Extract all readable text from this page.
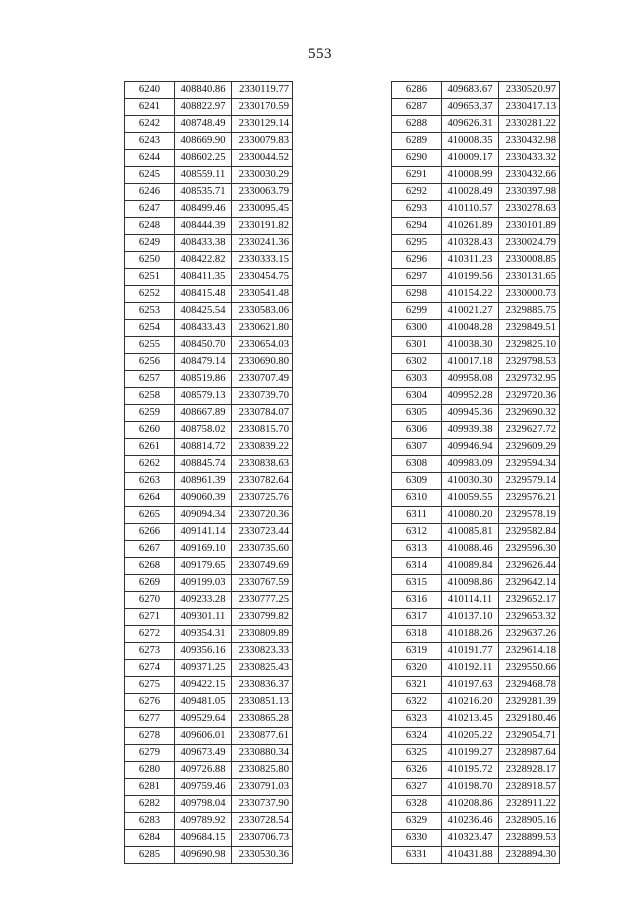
553
6240	408840.86	2330119.77
6241	408822.97	2330170.59
6242	408748.49	2330129.14
6243	408669.90	2330079.83
6244	408602.25	2330044.52
6245	408559.11	2330030.29
6246	408535.71	2330063.79
6247	408499.46	2330095.45
6248	408444.39	2330191.82
6249	408433.38	2330241.36
6250	408422.82	2330333.15
6251	408411.35	2330454.75
6252	408415.48	2330541.48
6253	408425.54	2330583.06
6254	408433.43	2330621.80
6255	408450.70	2330654.03
6256	408479.14	2330690.80
6257	408519.86	2330707.49
6258	408579.13	2330739.70
6259	408667.89	2330784.07
6260	408758.02	2330815.70
6261	408814.72	2330839.22
6262	408845.74	2330838.63
6263	408961.39	2330782.64
6264	409060.39	2330725.76
6265	409094.34	2330720.36
6266	409141.14	2330723.44
6267	409169.10	2330735.60
6268	409179.65	2330749.69
6269	409199.03	2330767.59
6270	409233.28	2330777.25
6271	409301.11	2330799.82
6272	409354.31	2330809.89
6273	409356.16	2330823.33
6274	409371.25	2330825.43
6275	409422.15	2330836.37
6276	409481.05	2330851.13
6277	409529.64	2330865.28
6278	409606.01	2330877.61
6279	409673.49	2330880.34
6280	409726.88	2330825.80
6281	409759.46	2330791.03
6282	409798.04	2330737.90
6283	409789.92	2330728.54
6284	409684.15	2330706.73
6285	409690.98	2330530.36
6286	409683.67	2330520.97
6287	409653.37	2330417.13
6288	409626.31	2330281.22
6289	410008.35	2330432.98
6290	410009.17	2330433.32
6291	410008.99	2330432.66
6292	410028.49	2330397.98
6293	410110.57	2330278.63
6294	410261.89	2330101.89
6295	410328.43	2330024.79
6296	410311.23	2330008.85
6297	410199.56	2330131.65
6298	410154.22	2330000.73
6299	410021.27	2329885.75
6300	410048.28	2329849.51
6301	410038.30	2329825.10
6302	410017.18	2329798.53
6303	409958.08	2329732.95
6304	409952.28	2329720.36
6305	409945.36	2329690.32
6306	409939.38	2329627.72
6307	409946.94	2329609.29
6308	409983.09	2329594.34
6309	410030.30	2329579.14
6310	410059.55	2329576.21
6311	410080.20	2329578.19
6312	410085.81	2329582.84
6313	410088.46	2329596.30
6314	410089.84	2329626.44
6315	410098.86	2329642.14
6316	410114.11	2329652.17
6317	410137.10	2329653.32
6318	410188.26	2329637.26
6319	410191.77	2329614.18
6320	410192.11	2329550.66
6321	410197.63	2329468.78
6322	410216.20	2329281.39
6323	410213.45	2329180.46
6324	410205.22	2329054.71
6325	410199.27	2328987.64
6326	410195.72	2328928.17
6327	410198.70	2328918.57
6328	410208.86	2328911.22
6329	410236.46	2328905.16
6330	410323.47	2328899.53
6331	410431.88	2328894.30
